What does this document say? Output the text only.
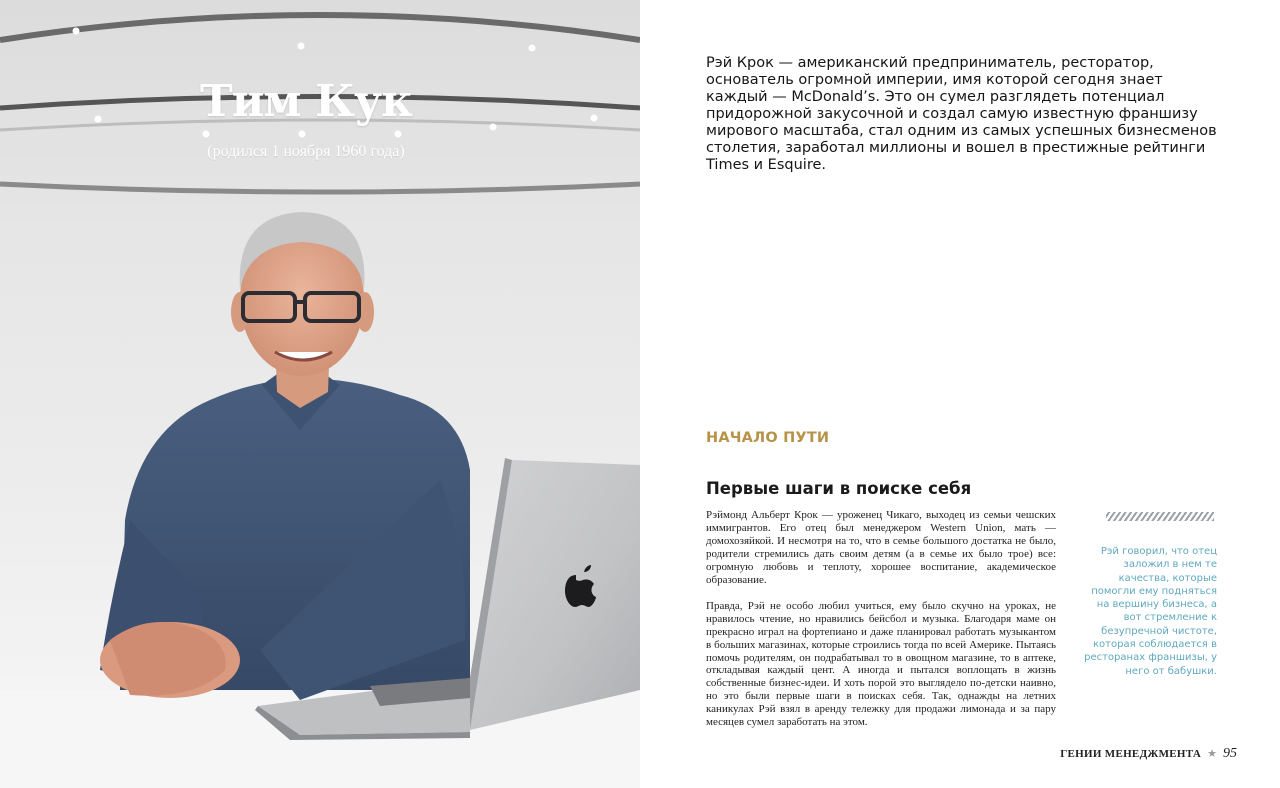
Тим Кук
(родился 1 ноября 1960 года)
Рэй Крок — американский предприниматель, ресторатор, основатель огромной империи, имя которой сегодня знает каждый — McDonald’s. Это он сумел разглядеть потенциал придорожной закусочной и создал самую известную франшизу мирового масштаба, стал одним из самых успешных бизнесменов столетия, заработал миллионы и вошел в престижные рейтинги Times и Esquire.
НАЧАЛО ПУТИ
Первые шаги в поиске себя

Рэймонд Альберт Крок — уроженец Чикаго, выходец из семьи чешских иммигрантов. Его отец был менеджером Western Union, мать — домохозяйкой. И несмотря на то, что в семье большого достатка не было, родители стремились дать своим детям (а в семье их было трое) все: огромную любовь и теплоту, хорошее воспитание, академическое образование.

Правда, Рэй не особо любил учиться, ему было скучно на уроках, не нравилось чтение, но нравились бейсбол и музыка. Благодаря маме он прекрасно играл на фортепиано и даже планировал работать музыкантом в больших магазинах, которые строились тогда по всей Америке. Пытаясь помочь родителям, он подрабатывал то в овощном магазине, то в аптеке, откладывая каждый цент. А иногда и пытался воплощать в жизнь собственные бизнес-идеи. И хоть порой это выглядело по-детски наивно, но это были первые шаги в поисках себя. Так, однажды на летних каникулах Рэй взял в аренду тележку для продажи лимонада и за пару месяцев сумел заработать на этом.

Рэй говорил, что отец заложил в нем те качества, которые помогли ему подняться на вершину бизнеса, а вот стремление к безупречной чистоте, которая соблюдается в ресторанах франшизы, у него от бабушки.
ГЕНИИ МЕНЕДЖМЕНТА ★ 95
